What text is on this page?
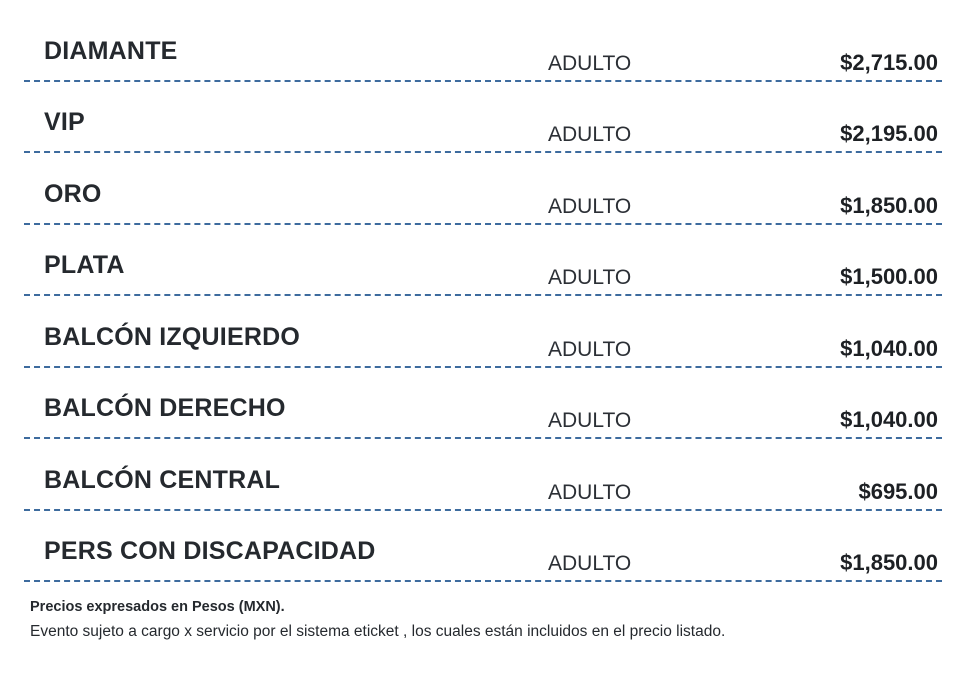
DIAMANTE	ADULTO	$2,715.00
VIP	ADULTO	$2,195.00
ORO	ADULTO	$1,850.00
PLATA	ADULTO	$1,500.00
BALCÓN IZQUIERDO	ADULTO	$1,040.00
BALCÓN DERECHO	ADULTO	$1,040.00
BALCÓN CENTRAL	ADULTO	$695.00
PERS CON DISCAPACIDAD	ADULTO	$1,850.00
Precios expresados en Pesos (MXN).
Evento sujeto a cargo x servicio por el sistema eticket , los cuales están incluidos en el precio listado.
